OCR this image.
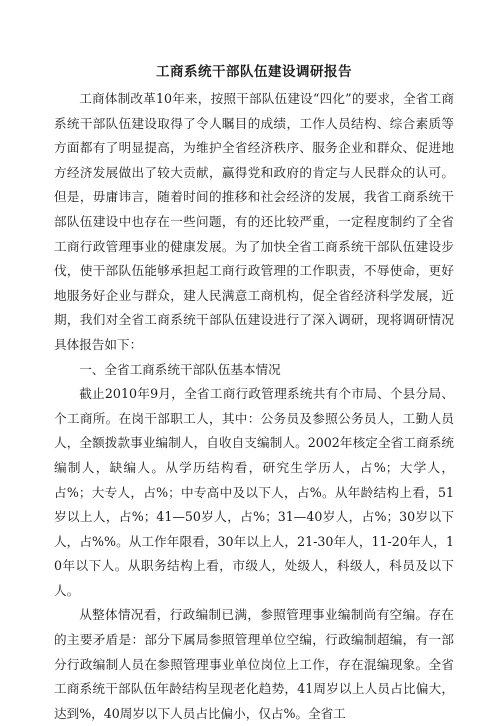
工商系统干部队伍建设调研报告

工商体制改革10年来，按照干部队伍建设“四化”的要求，全省工商系统干部队伍建设取得了令人瞩目的成绩，工作人员结构、综合素质等方面都有了明显提高，为维护全省经济秩序、服务企业和群众、促进地方经济发展做出了较大贡献，赢得党和政府的肯定与人民群众的认可。但是，毋庸讳言，随着时间的推移和社会经济的发展，我省工商系统干部队伍建设中也存在一些问题，有的还比较严重，一定程度制约了全省工商行政管理事业的健康发展。为了加快全省工商系统干部队伍建设步伐，使干部队伍能够承担起工商行政管理的工作职责，不辱使命，更好地服务好企业与群众，建人民满意工商机构，促全省经济科学发展，近期，我们对全省工商系统干部队伍建设进行了深入调研，现将调研情况具体报告如下：

一、全省工商系统干部队伍基本情况

截止2010年9月，全省工商行政管理系统共有个市局、个县分局、个工商所。在岗干部职工人，其中：公务员及参照公务员人，工勤人员人，全额拨款事业编制人，自收自支编制人。2002年核定全省工商系统编制人，缺编人。从学历结构看，研究生学历人，占%；大学人，占%；大专人，占%；中专高中及以下人，占%。从年龄结构上看，51岁以上人，占%；41—50岁人，占%；31—40岁人，占%；30岁以下人，占%%。从工作年限看，30年以上人，21-30年人，11-20年人，10年以下人。从职务结构上看，市级人，处级人，科级人，科员及以下人。

从整体情况看，行政编制已满，参照管理事业编制尚有空编。存在的主要矛盾是：部分下属局参照管理单位空编，行政编制超编，有一部分行政编制人员在参照管理事业单位岗位上工作，存在混编现象。全省工商系统干部队伍年龄结构呈现老化趋势，41周岁以上人员占比偏大，达到%，40周岁以下人员占比偏小，仅占%。全省工
